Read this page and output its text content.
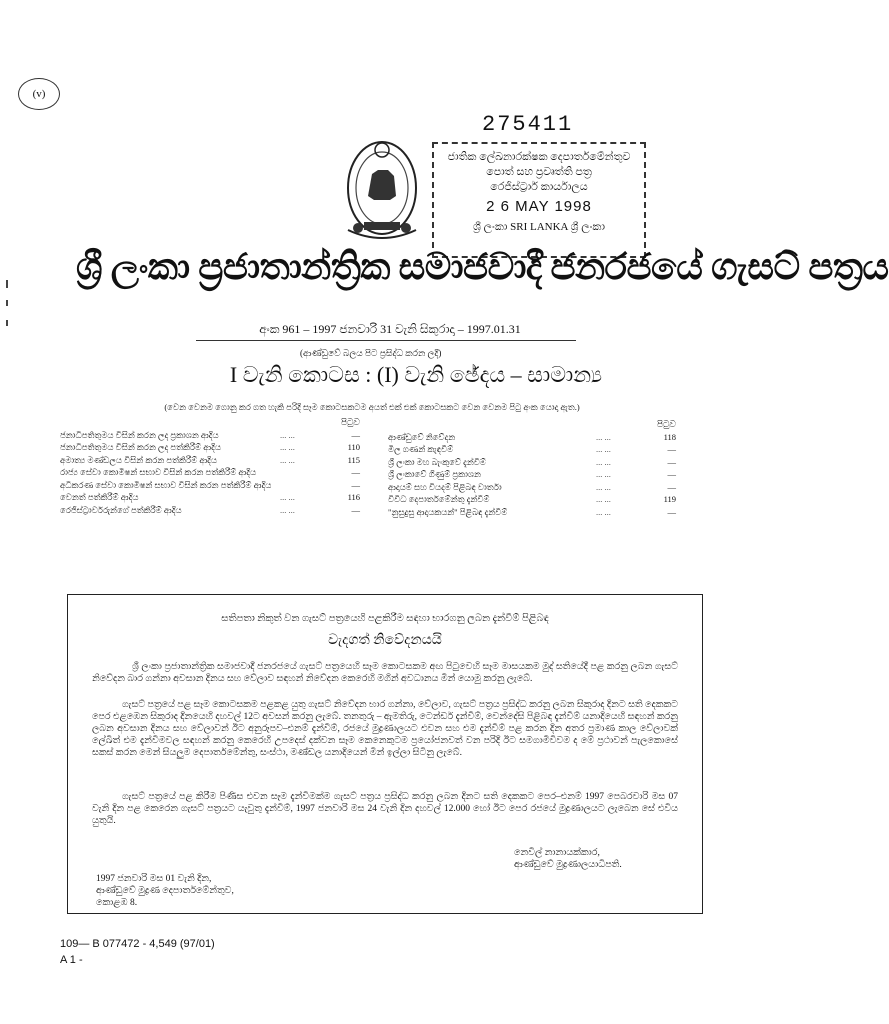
(v)
275411
ජාතික ලේඛනාරක්ෂක දෙපාර්තමේන්තුව
පොත් සහ ප්‍රවෘත්ති පත්‍ර
රෙජිස්ට්‍රාර් කාර්යාලය
2 6 MAY 1998
ශ්‍රී ලංකා SRI LANKA ශ්‍රී ලංකා
ශ්‍රී ලංකා ප්‍රජාතාන්ත්‍රික සමාජවාදී ජනරජයේ ගැසට් පත්‍රය
අංක 961 – 1997 ජනවාරි 31 වැනි සිකුරාදා – 1997.01.31
(ආණ්ඩුවේ බලය පිට ප්‍රසිද්ධ කරන ලදී)
I වැනි කොටස : (I) වැනි ඡේදය – සාමාන්‍ය
(වෙන වෙනම ගොනු කර ගත හැකි පරිදි සෑම කොටසකටම අයත් එක් එක් කොටසකට වෙන වෙනම පිටු අංක යොදා ඇත.)
පිටුව
ජනාධිපතිතුමය විසින් කරන ලද ප්‍රකාශන ආදිය	... ...	—
ජනාධිපතිතුමය විසින් කරන ලද පත්කිරීම් ආදිය	... ...	110
අමාත්‍ය මණ්ඩලය විසින් කරන පත්කිරීම් ආදිය	... ...	115
රාජ්‍ය සේවා කොමිෂන් සභාව විසින් කරන පත්කිරීම් ආදිය	—
අධිකරණ සේවා කොමිෂන් සභාව විසින් කරන පත්කිරීම් ආදිය	—
වෙනත් පත්කිරීම් ආදිය	... ...	116
රෙජිස්ට්‍රාර්වරුන්ගේ පත්කිරීම් ආදිය	... ...	—
පිටුව
ආණ්ඩුවේ නිවේදන	... ...	118
මිල ගණන් කැඳවීම්	... ...	—
ශ්‍රී ලංකා මහ බැංකුවේ දැන්වීම්	... ...	—
ශ්‍රී ලංකාවේ ගිණුම් ප්‍රකාශන	... ...	—
ආදායම් සහ වියදම් පිළිබඳ වාර්තා	... ...	—
විවිධ දෙපාර්තමේන්තු දැන්වීම්	... ...	119
"නුසුදුසු ආදායකයන්" පිළිබඳ දැන්වීම්	... ...	—
සතිපතා නිකුත් වන ගැසට් පත්‍රයෙහි පළකිරීම සඳහා භාරගනු ලබන දැන්වීම් පිළිබඳ
වැදගත් නිවේදනයයි
ශ්‍රී ලංකා ප්‍රජාතාන්ත්‍රික සමාජවාදී ජනරජයේ ගැසට් පත්‍රයෙහි සෑම කොටසකම අඟ පිටුවෙහි සෑම මාසයකම මුද් සතියේදී පළ කරනු ලබන ගැසට් නිවේදන බාර ගන්නා අවසාන දිනය සහ වේලාව සඳහන් නිවේදන කෙරෙහි මගින් අවධානය මින් යොමු කරනු ලැබේ.
ගැසට් පත්‍රයේ පළ සෑම කොටසකම පළකළ යුතු ගැසට් නිවේදන භාර ගන්නා, වේලාව, ගැසට් පත්‍රය ප්‍රසිද්ධ කරනු ලබන සිකුරාද දිනට සති දෙකකට පෙර එළඹෙන සිකුරාද දිනයෙහි දහවල් 12ට අවසන් කරනු ලැබේ. තනතුරු – ඇමතිරු, ටෙන්ඩර් දැන්වීම්, වෙන්දේසි පිළිබඳ දැන්වීම් යනාදියෙහි සඳහන් කරනු ලබන අවසාන දිනය සහ වේලාවන් ඊට අනුරූපව–එනම් දැන්වීම්, රජයේ මුද්‍රණාලයට එවන සහ එම දැන්වීම් පළ කරන දින අතර ප්‍රමාණ කාල වේලාවක් ලේඛිත් එම දැන්වීමවල සඳහන් කරනු කෙරෙහි උපදෙස් දක්වන සෑම කෙනෙකුටම ප්‍රයෝජනවත් වන පරිදි ඊට සමගාමීවිවම ද මේ ප්‍රථාවන් පැලකොසේ සකස් කරන මෙන් සියලුම දෙපාර්තමේන්තු, සංස්ථා, මණ්ඩල යනාදියෙන් මින් ඉල්ලා සිටිනු ලැබේ.
ගැසට් පත්‍රයේ පළ කිරීම පිණිස එවන සෑම දැන්වීමක්ම ගැසට් පත්‍රය ප්‍රසිද්ධ කරනු ලබන දිනට සති දෙකකට පෙර–එනම් 1997 පෙබරවාරි මස 07 වැනි දින පළ කෙරෙන ගැසට් පත්‍රයට යැවුතු දැන්වීම්, 1997 ජනවාරි මස 24 වැනි දින දහවල් 12.000 හෝ ඊට පෙර රජයේ මුද්‍රණාලයට ලැබෙන සේ එවිය යුතුයි.
නෙවිල් නානායක්කාර,
ආණ්ඩුවේ මුද්‍රණාලයාධිපති.
1997 ජනවාරි මස 01 වැනි දින,
ආණ්ඩුවේ මුද්‍රණ දෙපාර්තමේන්තුව,
කොළඹ 8.
109— B 077472 - 4,549 (97/01)
A 1 -
